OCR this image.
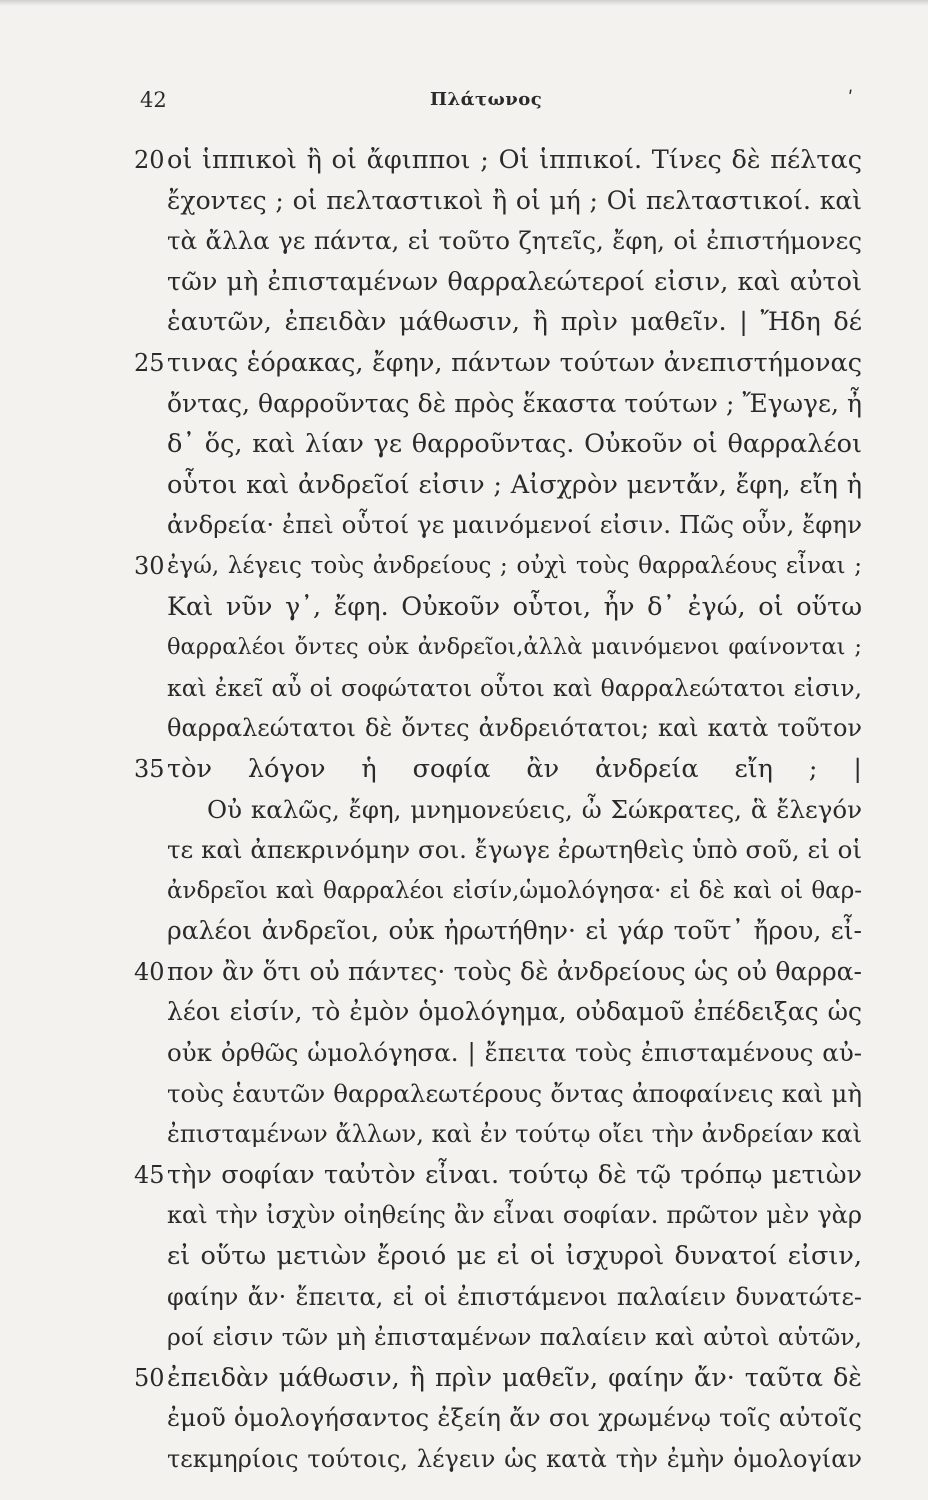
42	Πλάτωνος	ʹ
20 οἱ ἱππικοὶ ἢ οἱ ἄφιπποι ; Οἱ ἱππικοί. Τίνες δὲ πέλτας
ἔχοντες ; οἱ πελταστικοὶ ἢ οἱ μή ; Οἱ πελταστικοί. καὶ
τὰ ἄλλα γε πάντα, εἰ τοῦτο ζητεῖς, ἔφη, οἱ ἐπιστήμονες
τῶν μὴ ἐπισταμένων θαρραλεώτεροί εἰσιν, καὶ αὐτοὶ
ἑαυτῶν, ἐπειδὰν μάθωσιν, ἢ πρὶν μαθεῖν. | Ἤδη δέ
25 τινας ἑόρακας, ἔφην, πάντων τούτων ἀνεπιστήμονας
ὄντας, θαρροῦντας δὲ πρὸς ἕκαστα τούτων ; Ἔγωγε, ἦ
δ᾽ ὅς, καὶ λίαν γε θαρροῦντας. Οὐκοῦν οἱ θαρραλέοι
οὗτοι καὶ ἀνδρεῖοί εἰσιν ; Αἰσχρὸν μεντἄν, ἔφη, εἴη ἡ
ἀνδρεία· ἐπεὶ οὗτοί γε μαινόμενοί εἰσιν. Πῶς οὖν, ἔφην
30 ἐγώ, λέγεις τοὺς ἀνδρείους ; οὐχὶ τοὺς θαρραλέους εἶναι ;
Καὶ νῦν γ᾽, ἔφη. Οὐκοῦν οὗτοι, ἦν δ᾽ ἐγώ, οἱ οὕτω
θαρραλέοι ὄντες οὐκ ἀνδρεῖοι,ἀλλὰ μαινόμενοι φαίνονται ;
καὶ ἐκεῖ αὖ οἱ σοφώτατοι οὗτοι καὶ θαρραλεώτατοι εἰσιν,
θαρραλεώτατοι δὲ ὄντες ἀνδρειότατοι; καὶ κατὰ τοῦτον
35 τὸν λόγον ἡ σοφία ἂν ἀνδρεία εἴη ; |
Οὐ καλῶς, ἔφη, μνημονεύεις, ὦ Σώκρατες, ἃ ἔλεγόν
τε καὶ ἀπεκρινόμην σοι. ἔγωγε ἐρωτηθεὶς ὑπὸ σοῦ, εἰ οἱ
ἀνδρεῖοι καὶ θαρραλέοι εἰσίν,ὡμολόγησα· εἰ δὲ καὶ οἱ θαρ-
ραλέοι ἀνδρεῖοι, οὐκ ἠρωτήθην· εἰ γάρ τοῦτ᾽ ἤρου, εἶ-
40 πον ἂν ὅτι οὐ πάντες· τοὺς δὲ ἀνδρείους ὡς οὐ θαρρα-
λέοι εἰσίν, τὸ ἐμὸν ὁμολόγημα, οὐδαμοῦ ἐπέδειξας ὡς
οὐκ ὀρθῶς ὡμολόγησα. | ἔπειτα τοὺς ἐπισταμένους αὐ-
τοὺς ἑαυτῶν θαρραλεωτέρους ὄντας ἀποφαίνεις καὶ μὴ
ἐπισταμένων ἄλλων, καὶ ἐν τούτῳ οἴει τὴν ἀνδρείαν καὶ
45 τὴν σοφίαν ταὐτὸν εἶναι. τούτῳ δὲ τῷ τρόπῳ μετιὼν
καὶ τὴν ἰσχὺν οἰηθείης ἂν εἶναι σοφίαν. πρῶτον μὲν γὰρ
εἰ οὕτω μετιὼν ἔροιό με εἰ οἱ ἰσχυροὶ δυνατοί εἰσιν,
φαίην ἄν· ἔπειτα, εἰ οἱ ἐπιστάμενοι παλαίειν δυνατώτε-
ροί εἰσιν τῶν μὴ ἐπισταμένων παλαίειν καὶ αὐτοὶ αὑτῶν,
50 ἐπειδὰν μάθωσιν, ἢ πρὶν μαθεῖν, φαίην ἄν· ταῦτα δὲ
ἐμοῦ ὁμολογήσαντος ἐξείη ἄν σοι χρωμένῳ τοῖς αὐτοῖς
τεκμηρίοις τούτοις, λέγειν ὡς κατὰ τὴν ἐμὴν ὁμολογίαν
